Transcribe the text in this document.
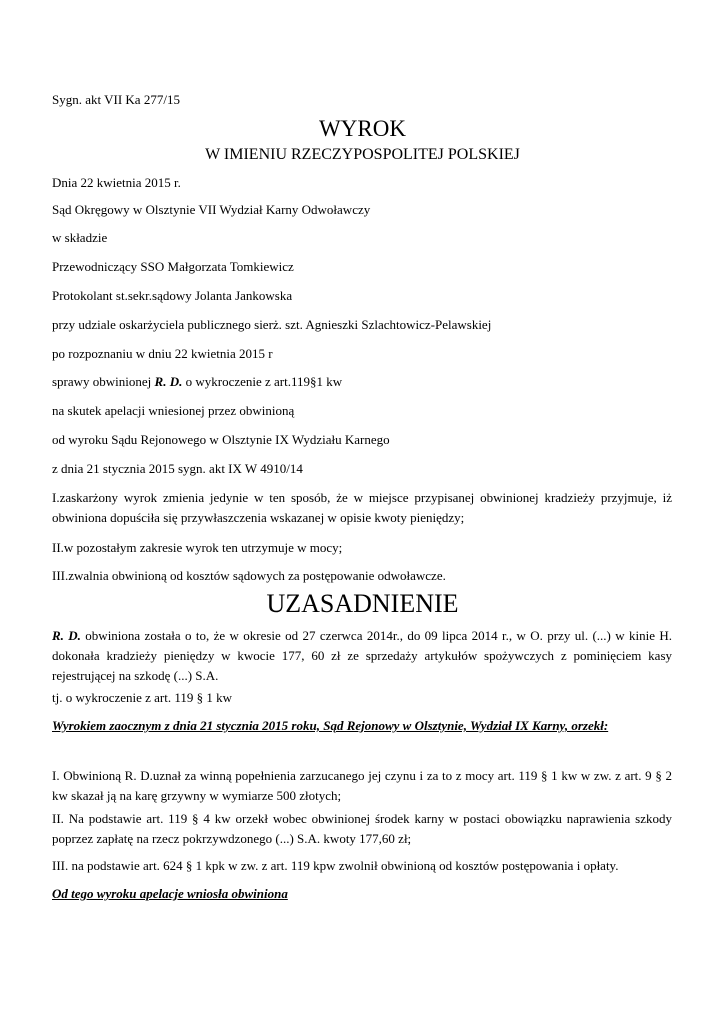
Sygn. akt VII Ka 277/15
WYROK
W IMIENIU RZECZYPOSPOLITEJ POLSKIEJ
Dnia 22 kwietnia 2015 r.
Sąd Okręgowy w Olsztynie VII Wydział Karny Odwoławczy
w składzie
Przewodniczący SSO Małgorzata Tomkiewicz
Protokolant st.sekr.sądowy Jolanta Jankowska
przy udziale oskarżyciela publicznego sierż. szt. Agnieszki Szlachtowicz-Pelawskiej
po rozpoznaniu w dniu 22 kwietnia 2015 r
sprawy obwinionej R. D. o wykroczenie z art.119§1 kw
na skutek apelacji wniesionej przez obwinioną
od wyroku Sądu Rejonowego w Olsztynie IX Wydziału Karnego
z dnia 21 stycznia 2015 sygn. akt IX W 4910/14
I.zaskarżony wyrok zmienia jedynie w ten sposób, że w miejsce przypisanej obwinionej kradzieży przyjmuje, iż obwiniona dopuściła się przywłaszczenia wskazanej w opisie kwoty pieniędzy;
II.w pozostałym zakresie wyrok ten utrzymuje w mocy;
III.zwalnia obwinioną od kosztów sądowych za postępowanie odwoławcze.
UZASADNIENIE
R. D. obwiniona została o to, że w okresie od 27 czerwca 2014r., do 09 lipca 2014 r., w O. przy ul. (...) w kinie H. dokonała kradzieży pieniędzy w kwocie 177, 60 zł ze sprzedaży artykułów spożywczych z pominięciem kasy rejestrującej na szkodę (...) S.A.
tj. o wykroczenie z art. 119 § 1 kw
Wyrokiem zaocznym z dnia 21 stycznia 2015 roku, Sąd Rejonowy w Olsztynie, Wydział IX Karny, orzekł:
I. Obwinioną R. D.uznał za winną popełnienia zarzucanego jej czynu i za to z mocy art. 119 § 1 kw w zw. z art. 9 § 2 kw skazał ją na karę grzywny w wymiarze 500 złotych;
II. Na podstawie art. 119 § 4 kw orzekł wobec obwinionej środek karny w postaci obowiązku naprawienia szkody poprzez zapłatę na rzecz pokrzywdzonego (...) S.A. kwoty 177,60 zł;
III. na podstawie art. 624 § 1 kpk w zw. z art. 119 kpw zwolnił obwinioną od kosztów postępowania i opłaty.
Od tego wyroku apelacje wniosła obwiniona
